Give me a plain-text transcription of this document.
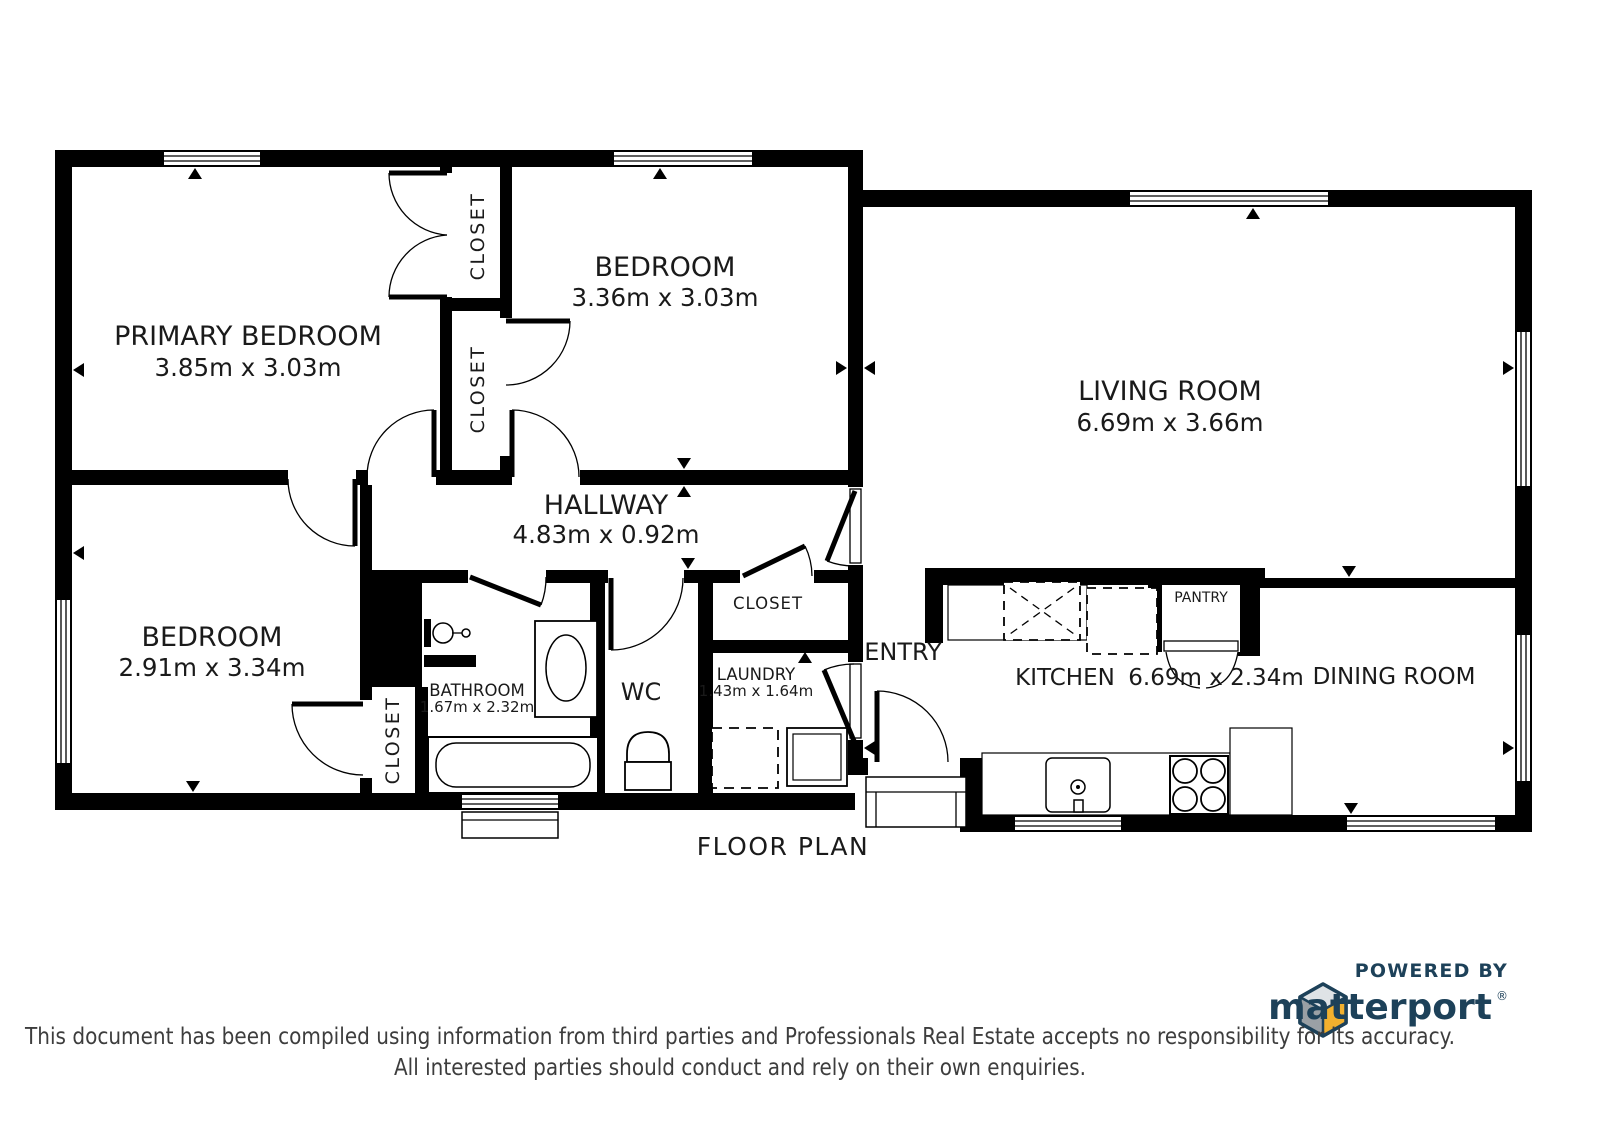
PRIMARY BEDROOM
3.85m x 3.03m
BEDROOM
3.36m x 3.03m
LIVING ROOM
6.69m x 3.66m
HALLWAY
4.83m x 0.92m
BEDROOM
2.91m x 3.34m
BATHROOM
1.67m x 2.32m
WC
LAUNDRY
1.43m x 1.64m
ENTRY
KITCHEN 6.69m x 2.34m DINING ROOM
PANTRY
CLOSET
CLOSET
CLOSET
CLOSET
FLOOR PLAN
POWERED BY
matterport ®
This document has been compiled using information from third parties and Professionals Real Estate accepts no responsibility for its accuracy.
All interested parties should conduct and rely on their own enquiries.
